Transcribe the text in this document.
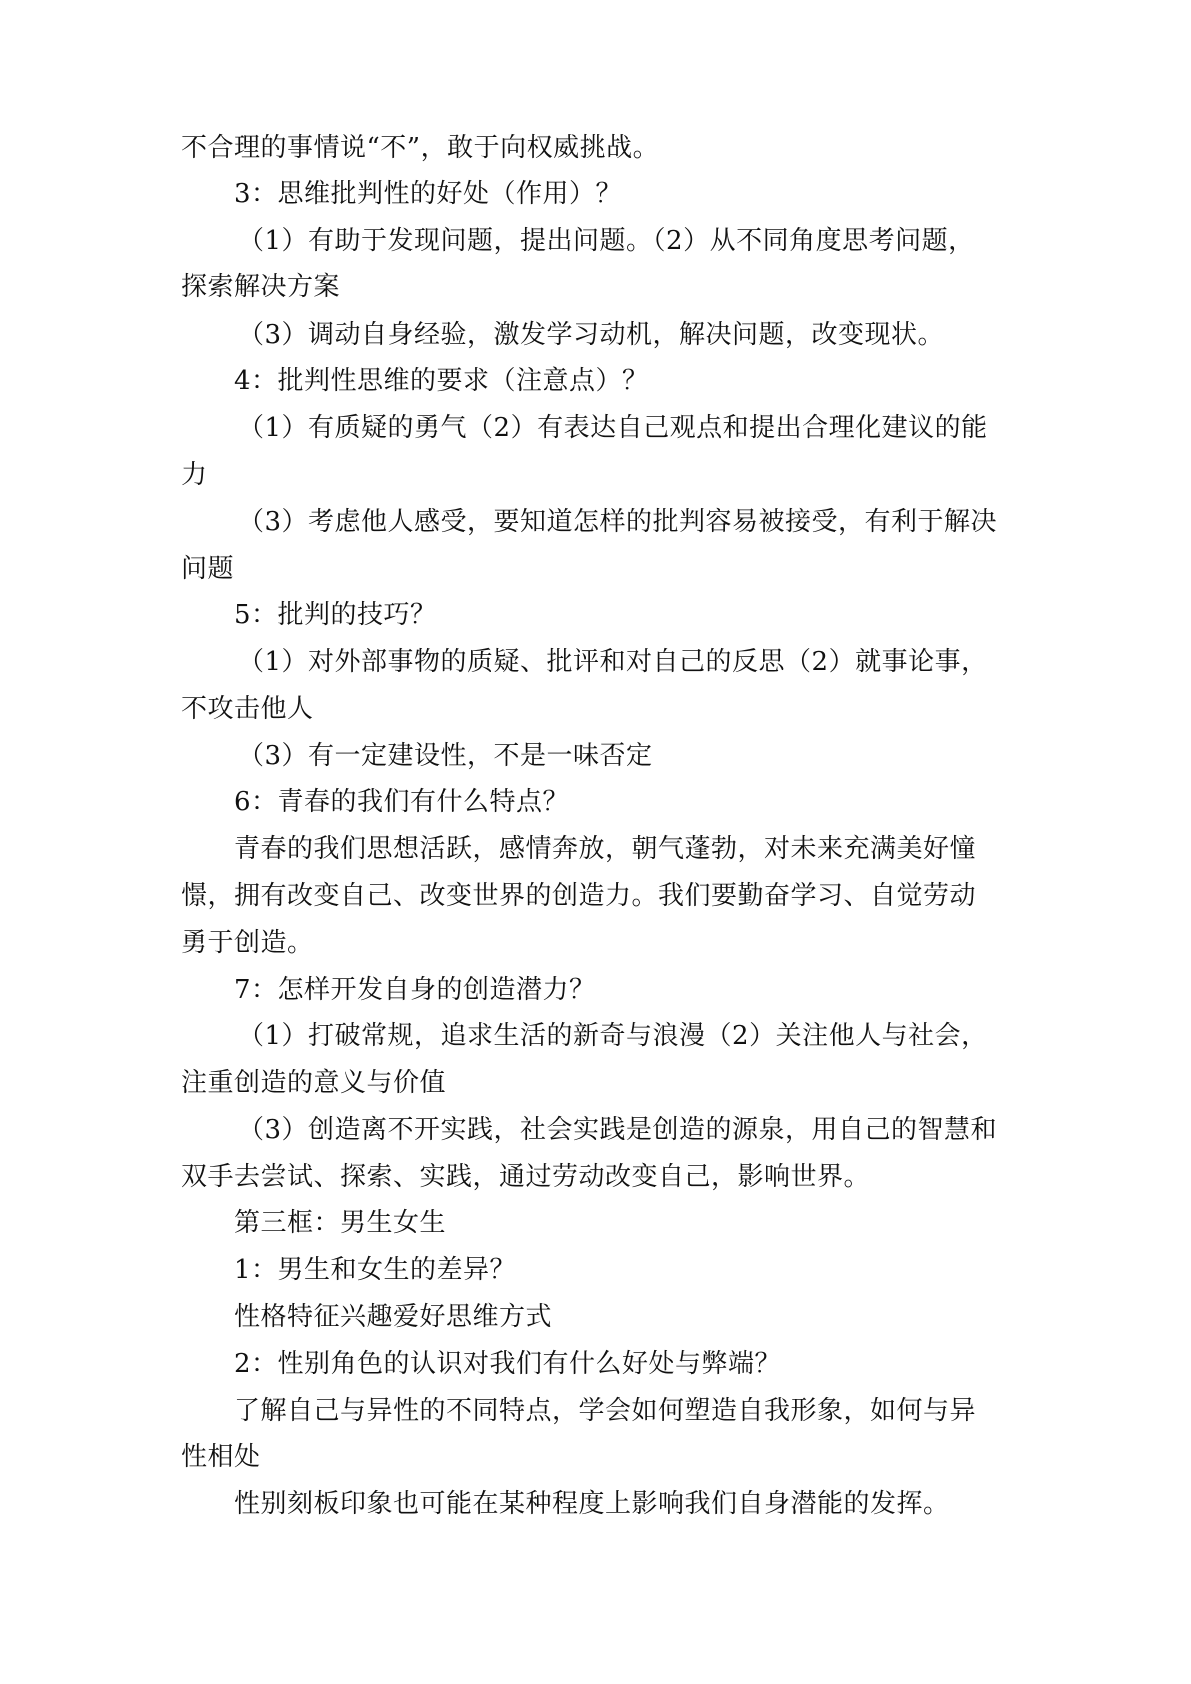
不合理的事情说“不”，敢于向权威挑战。
3：思维批判性的好处（作用）？
（1）有助于发现问题，提出问题。（2）从不同角度思考问题，
探索解决方案
（3）调动自身经验，激发学习动机，解决问题，改变现状。
4：批判性思维的要求（注意点）？
（1）有质疑的勇气（2）有表达自己观点和提出合理化建议的能
力
（3）考虑他人感受，要知道怎样的批判容易被接受，有利于解决
问题
5：批判的技巧？
（1）对外部事物的质疑、批评和对自己的反思（2）就事论事，
不攻击他人
（3）有一定建设性，不是一味否定
6：青春的我们有什么特点？
青春的我们思想活跃，感情奔放，朝气蓬勃，对未来充满美好憧
憬，拥有改变自己、改变世界的创造力。我们要勤奋学习、自觉劳动
勇于创造。
7：怎样开发自身的创造潜力？
（1）打破常规，追求生活的新奇与浪漫（2）关注他人与社会，
注重创造的意义与价值
（3）创造离不开实践，社会实践是创造的源泉，用自己的智慧和
双手去尝试、探索、实践，通过劳动改变自己，影响世界。
第三框：男生女生
1：男生和女生的差异？
性格特征兴趣爱好思维方式
2：性别角色的认识对我们有什么好处与弊端？
了解自己与异性的不同特点，学会如何塑造自我形象，如何与异
性相处
性别刻板印象也可能在某种程度上影响我们自身潜能的发挥。
